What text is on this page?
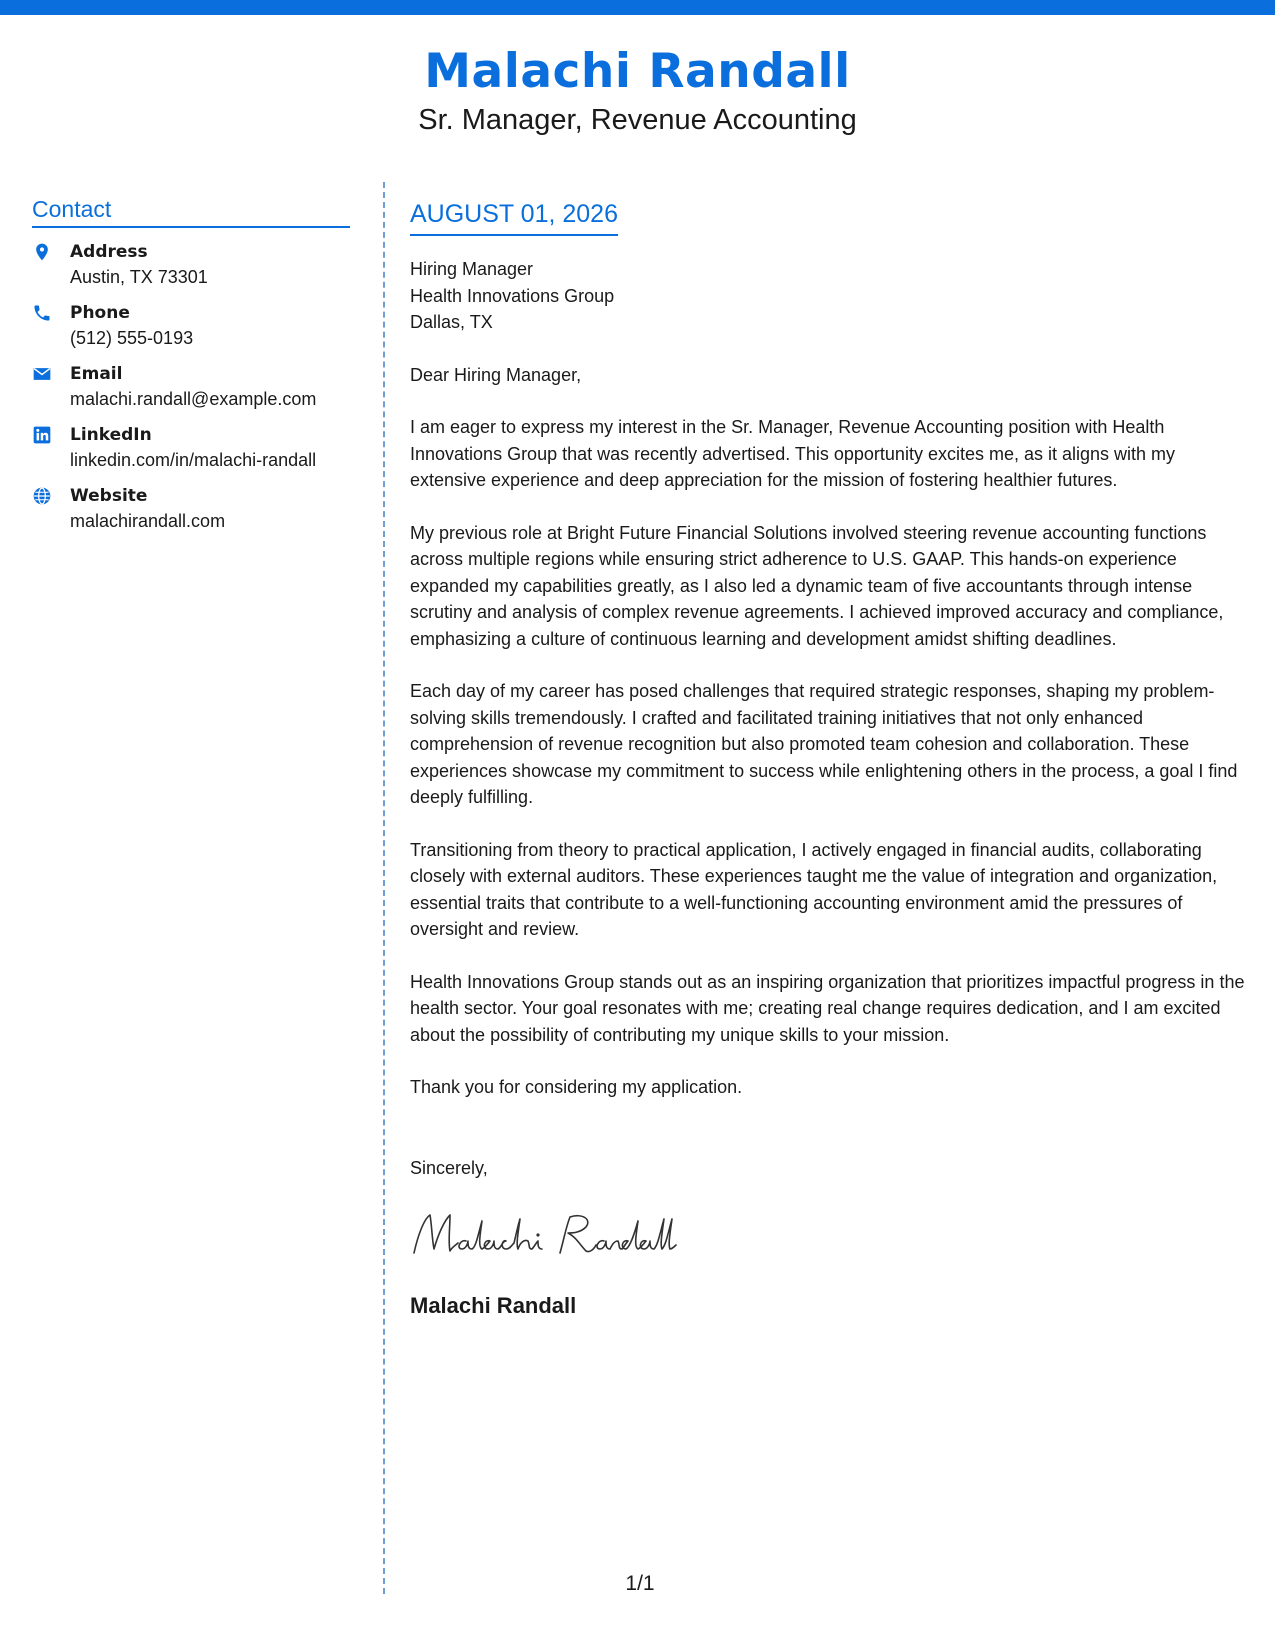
Malachi Randall
Sr. Manager, Revenue Accounting
Contact
Address
Austin, TX 73301
Phone
(512) 555-0193
Email
malachi.randall@example.com
LinkedIn
linkedin.com/in/malachi-randall
Website
malachirandall.com
AUGUST 01, 2026
Hiring Manager
Health Innovations Group
Dallas, TX
Dear Hiring Manager,
I am eager to express my interest in the Sr. Manager, Revenue Accounting position with Health Innovations Group that was recently advertised. This opportunity excites me, as it aligns with my extensive experience and deep appreciation for the mission of fostering healthier futures.
My previous role at Bright Future Financial Solutions involved steering revenue accounting functions across multiple regions while ensuring strict adherence to U.S. GAAP. This hands-on experience expanded my capabilities greatly, as I also led a dynamic team of five accountants through intense scrutiny and analysis of complex revenue agreements. I achieved improved accuracy and compliance, emphasizing a culture of continuous learning and development amidst shifting deadlines.
Each day of my career has posed challenges that required strategic responses, shaping my problem-solving skills tremendously. I crafted and facilitated training initiatives that not only enhanced comprehension of revenue recognition but also promoted team cohesion and collaboration. These experiences showcase my commitment to success while enlightening others in the process, a goal I find deeply fulfilling.
Transitioning from theory to practical application, I actively engaged in financial audits, collaborating closely with external auditors. These experiences taught me the value of integration and organization, essential traits that contribute to a well-functioning accounting environment amid the pressures of oversight and review.
Health Innovations Group stands out as an inspiring organization that prioritizes impactful progress in the health sector. Your goal resonates with me; creating real change requires dedication, and I am excited about the possibility of contributing my unique skills to your mission.
Thank you for considering my application.
Sincerely,
Malachi Randall
1/1
